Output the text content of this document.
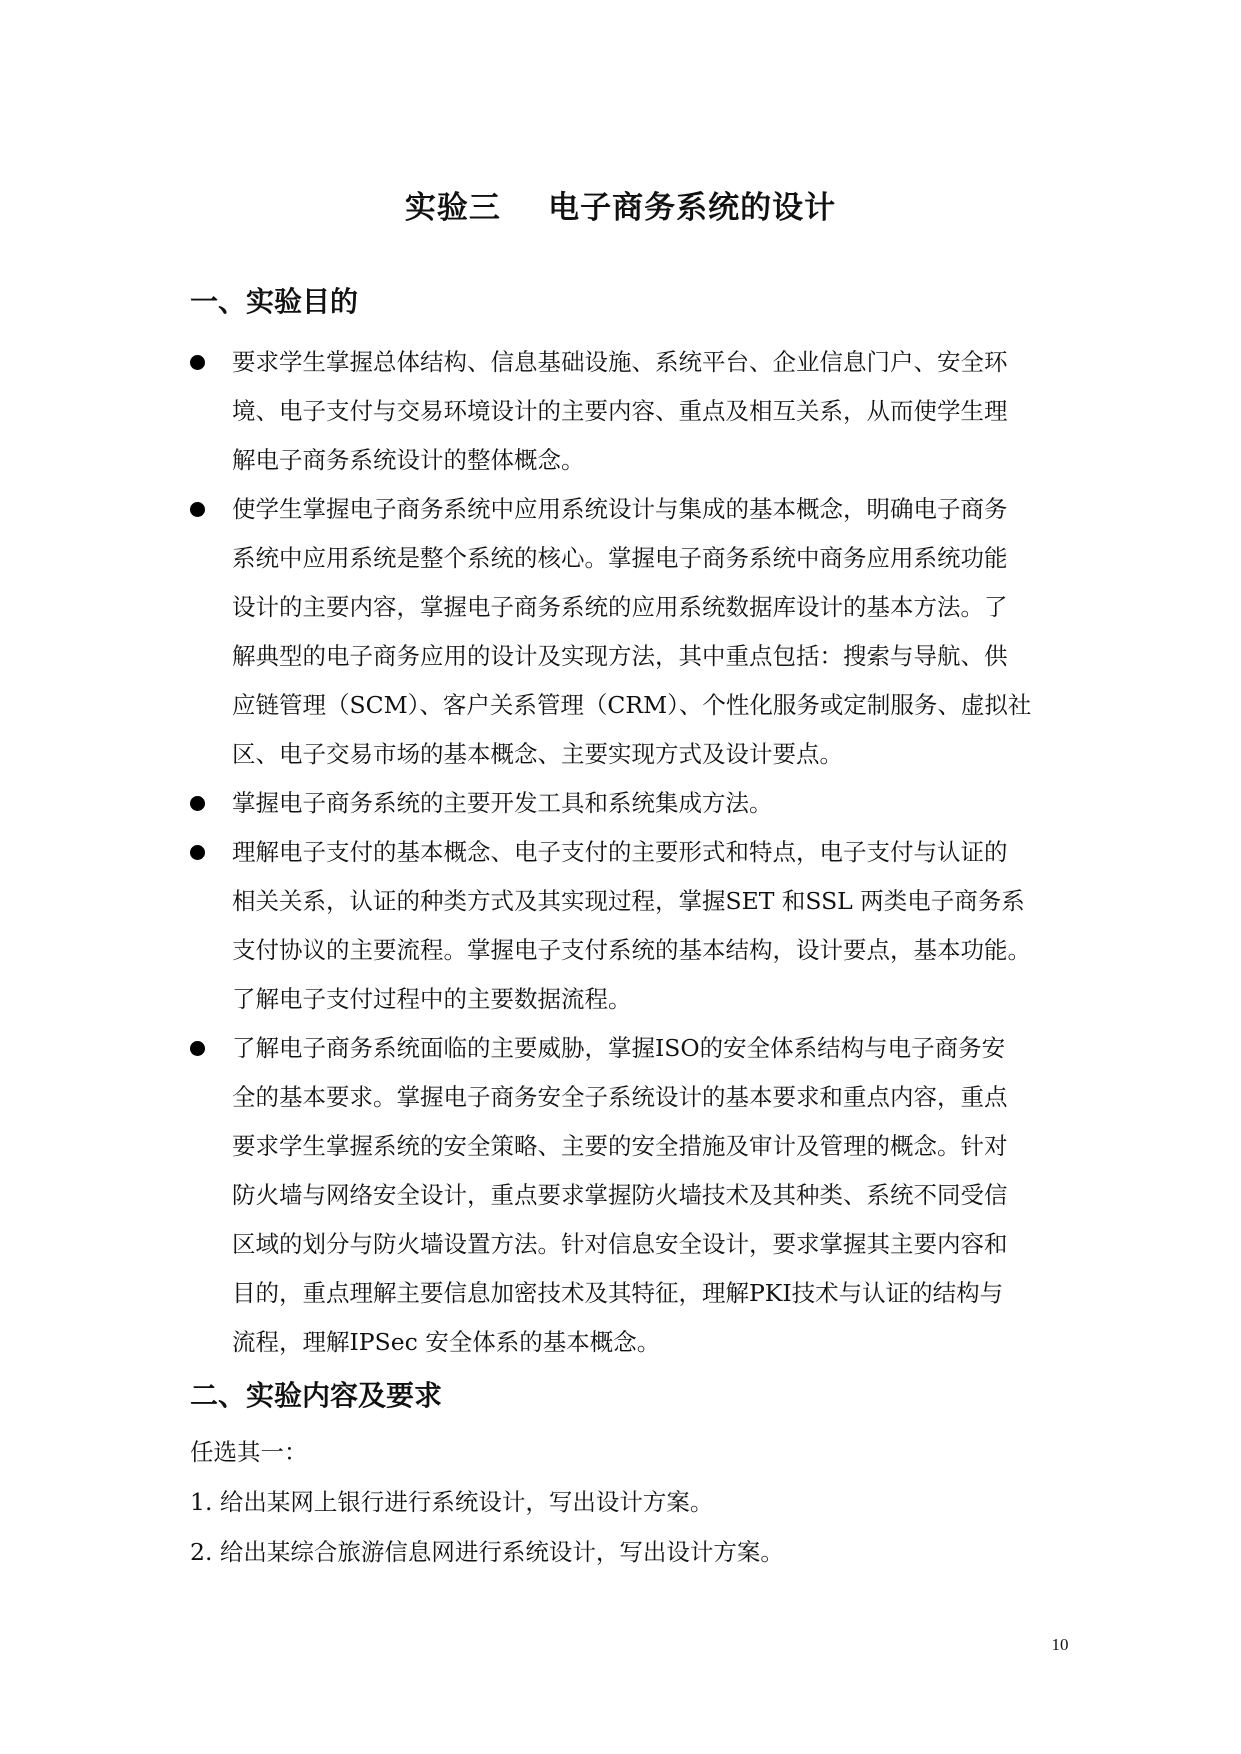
实验三    电子商务系统的设计
一、实验目的
要求学生掌握总体结构、信息基础设施、系统平台、企业信息门户、安全环
境、电子支付与交易环境设计的主要内容、重点及相互关系，从而使学生理
解电子商务系统设计的整体概念。
使学生掌握电子商务系统中应用系统设计与集成的基本概念，明确电子商务
系统中应用系统是整个系统的核心。掌握电子商务系统中商务应用系统功能
设计的主要内容，掌握电子商务系统的应用系统数据库设计的基本方法。了
解典型的电子商务应用的设计及实现方法，其中重点包括：搜索与导航、供
应链管理（SCM）、客户关系管理（CRM）、个性化服务或定制服务、虚拟社
区、电子交易市场的基本概念、主要实现方式及设计要点。
掌握电子商务系统的主要开发工具和系统集成方法。
理解电子支付的基本概念、电子支付的主要形式和特点，电子支付与认证的
相关关系，认证的种类方式及其实现过程，掌握SET 和SSL 两类电子商务系
支付协议的主要流程。掌握电子支付系统的基本结构，设计要点，基本功能。
了解电子支付过程中的主要数据流程。
了解电子商务系统面临的主要威胁，掌握ISO的安全体系结构与电子商务安
全的基本要求。掌握电子商务安全子系统设计的基本要求和重点内容，重点
要求学生掌握系统的安全策略、主要的安全措施及审计及管理的概念。针对
防火墙与网络安全设计，重点要求掌握防火墙技术及其种类、系统不同受信
区域的划分与防火墙设置方法。针对信息安全设计，要求掌握其主要内容和
目的，重点理解主要信息加密技术及其特征，理解PKI技术与认证的结构与
流程，理解IPSec 安全体系的基本概念。
二、实验内容及要求
任选其一：
1. 给出某网上银行进行系统设计，写出设计方案。
2. 给出某综合旅游信息网进行系统设计，写出设计方案。
10
